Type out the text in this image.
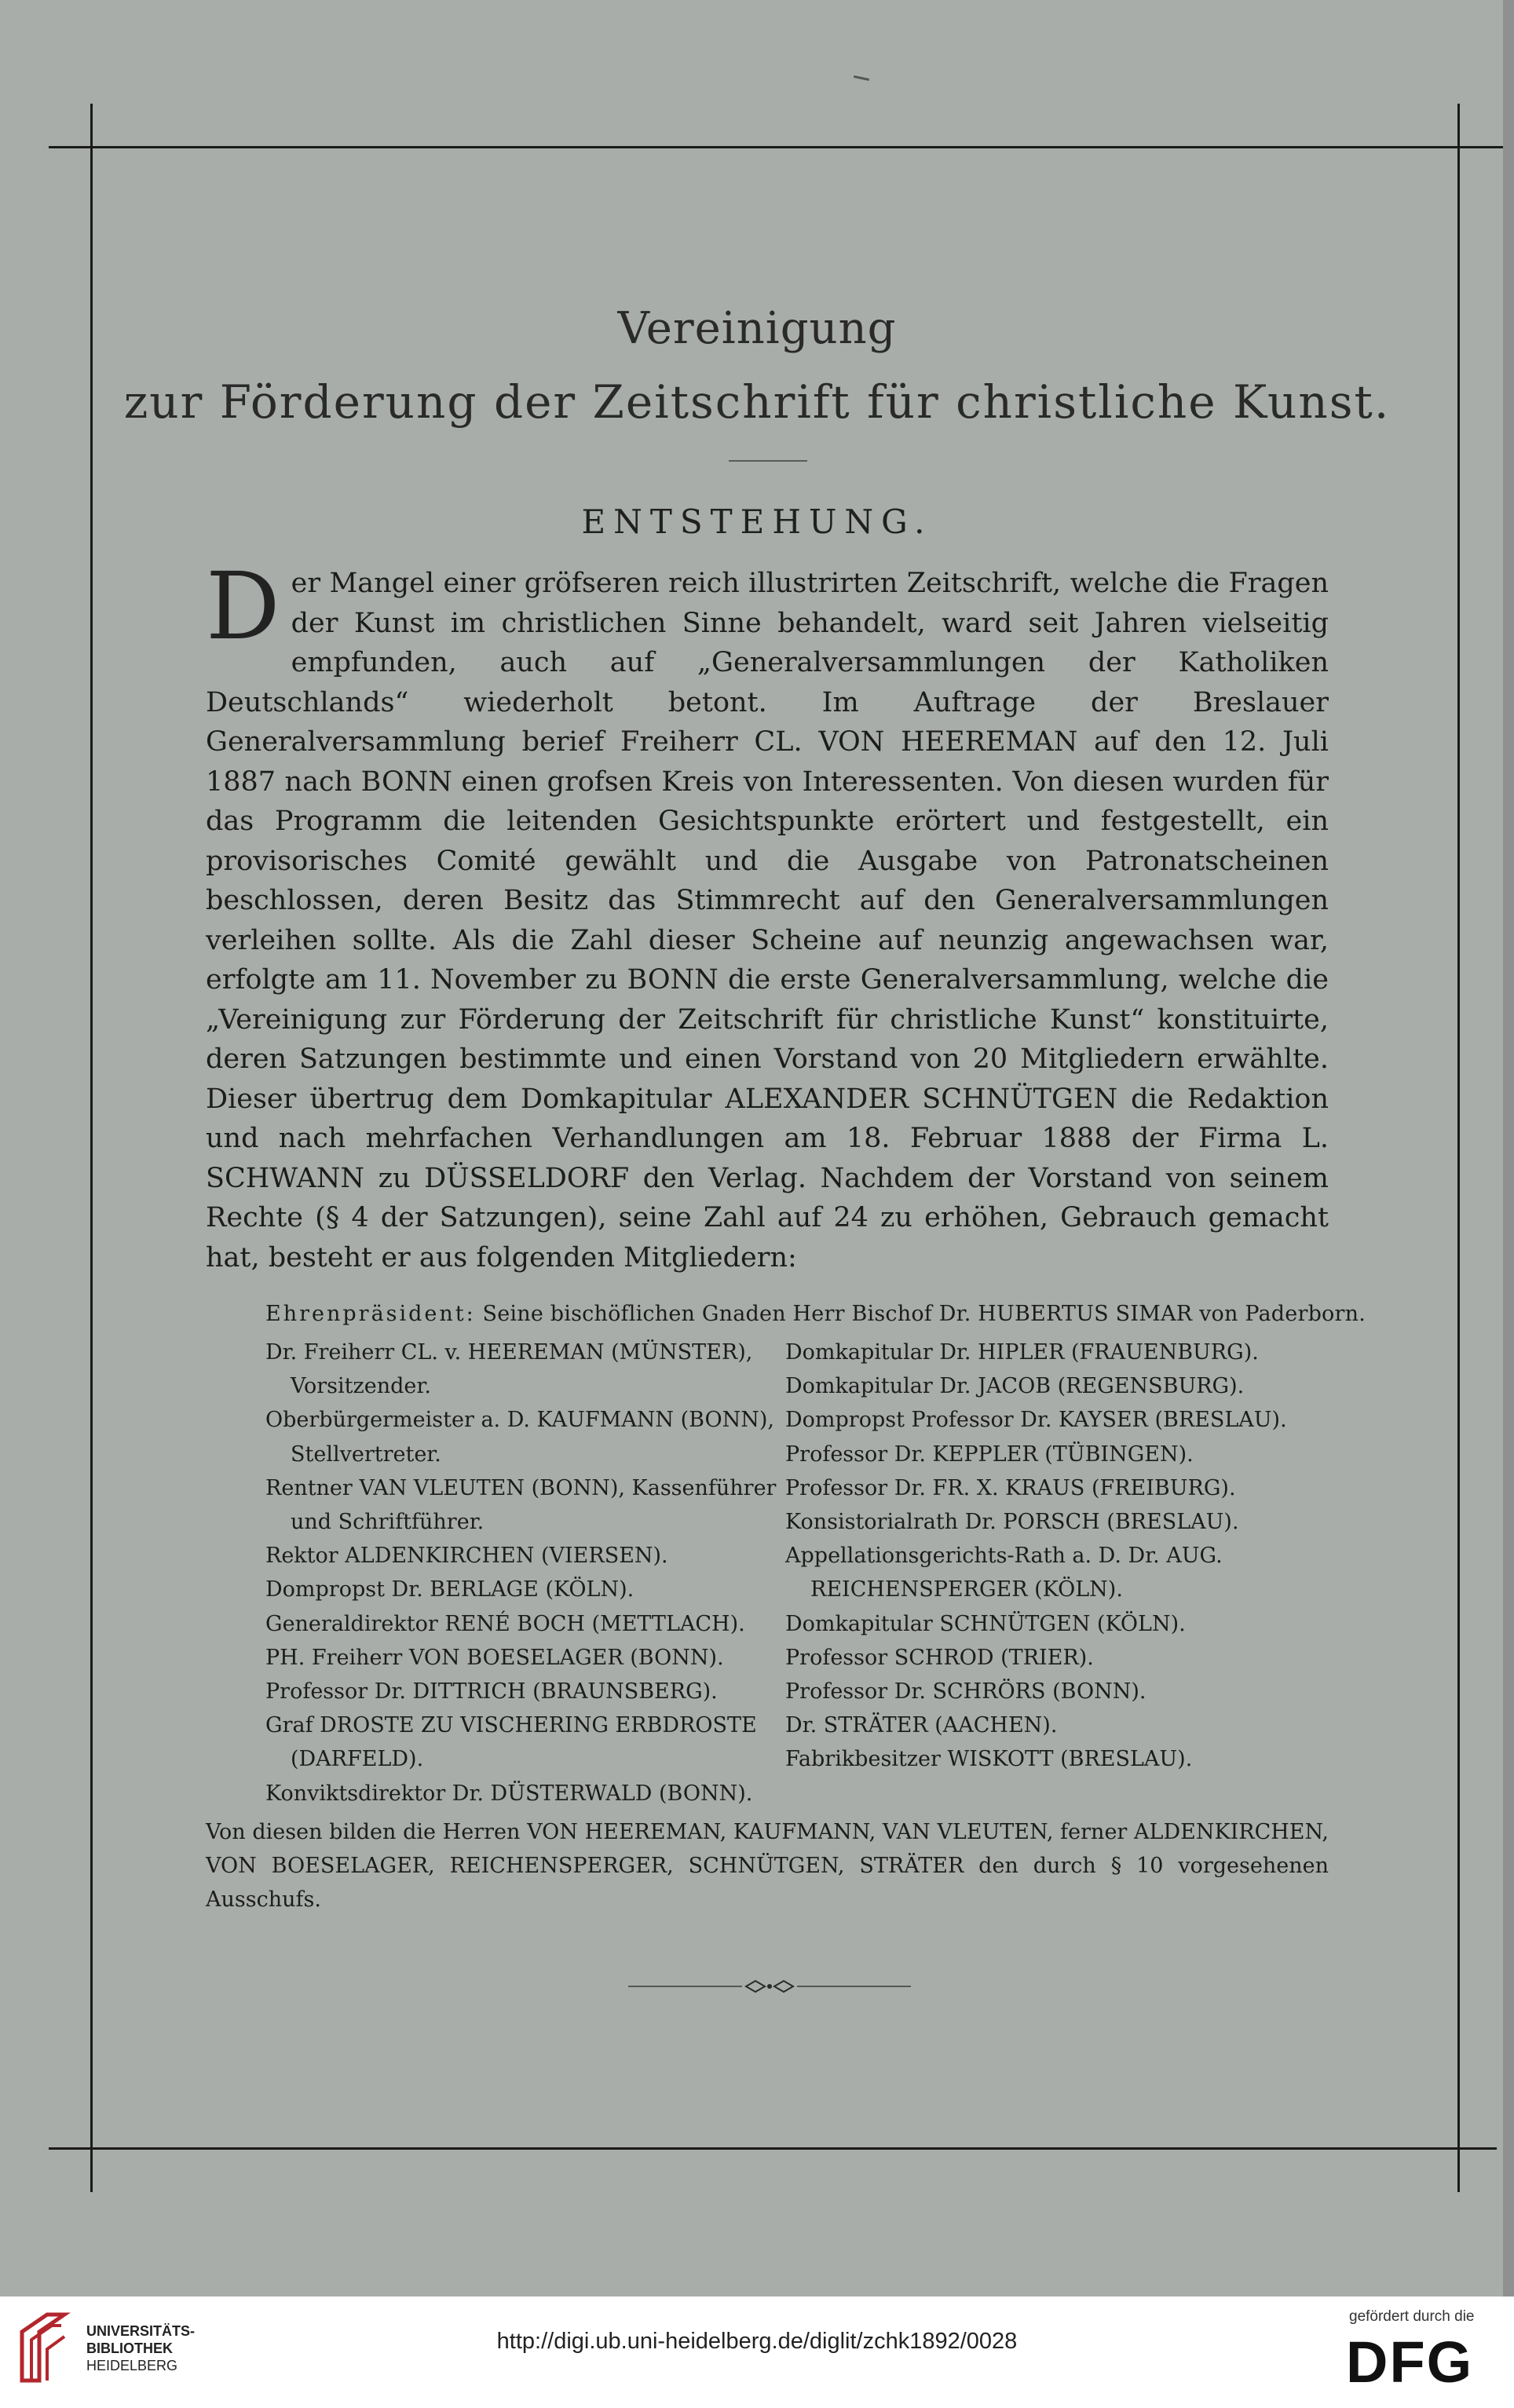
Vereinigung
zur Förderung der Zeitschrift für christliche Kunst.
ENTSTEHUNG.
Der Mangel einer gröfseren reich illustrirten Zeitschrift, welche die Fragen der Kunst im christlichen Sinne behandelt, ward seit Jahren vielseitig empfunden, auch auf „Generalversammlungen der Katholiken Deutschlands“ wiederholt betont. Im Auftrage der Breslauer Generalversammlung berief Freiherr CL. VON HEEREMAN auf den 12. Juli 1887 nach BONN einen grofsen Kreis von Interessenten. Von diesen wurden für das Programm die leitenden Gesichtspunkte erörtert und festgestellt, ein provisorisches Comité gewählt und die Ausgabe von Patronatscheinen beschlossen, deren Besitz das Stimmrecht auf den Generalversammlungen verleihen sollte. Als die Zahl dieser Scheine auf neunzig angewachsen war, erfolgte am 11. November zu BONN die erste Generalversammlung, welche die „Vereinigung zur Förderung der Zeitschrift für christliche Kunst“ konstituirte, deren Satzungen bestimmte und einen Vorstand von 20 Mitgliedern erwählte. Dieser übertrug dem Domkapitular ALEXANDER SCHNÜTGEN die Redaktion und nach mehrfachen Verhandlungen am 18. Februar 1888 der Firma L. SCHWANN zu DÜSSELDORF den Verlag. Nachdem der Vorstand von seinem Rechte (§ 4 der Satzungen), seine Zahl auf 24 zu erhöhen, Gebrauch gemacht hat, besteht er aus folgenden Mitgliedern:
Ehrenpräsident: Seine bischöflichen Gnaden Herr Bischof Dr. HUBERTUS SIMAR von Paderborn.
Dr. Freiherr CL. v. HEEREMAN (MÜNSTER),
Vorsitzender.
Oberbürgermeister a. D. KAUFMANN (BONN),
Stellvertreter.
Rentner VAN VLEUTEN (BONN), Kassenführer
und Schriftführer.
Rektor ALDENKIRCHEN (VIERSEN).
Dompropst Dr. BERLAGE (KÖLN).
Generaldirektor RENÉ BOCH (METTLACH).
PH. Freiherr VON BOESELAGER (BONN).
Professor Dr. DITTRICH (BRAUNSBERG).
Graf DROSTE ZU VISCHERING ERBDROSTE
(DARFELD).
Konviktsdirektor Dr. DÜSTERWALD (BONN).
Domkapitular Dr. HIPLER (FRAUENBURG).
Domkapitular Dr. JACOB (REGENSBURG).
Dompropst Professor Dr. KAYSER (BRESLAU).
Professor Dr. KEPPLER (TÜBINGEN).
Professor Dr. FR. X. KRAUS (FREIBURG).
Konsistorialrath Dr. PORSCH (BRESLAU).
Appellationsgerichts-Rath a. D. Dr. AUG.
REICHENSPERGER (KÖLN).
Domkapitular SCHNÜTGEN (KÖLN).
Professor SCHROD (TRIER).
Professor Dr. SCHRÖRS (BONN).
Dr. STRÄTER (AACHEN).
Fabrikbesitzer WISKOTT (BRESLAU).
Von diesen bilden die Herren VON HEEREMAN, KAUFMANN, VAN VLEUTEN, ferner ALDENKIRCHEN, VON BOESELAGER, REICHENSPERGER, SCHNÜTGEN, STRÄTER den durch § 10 vorgesehenen Ausschufs.
UNIVERSITÄTS-
BIBLIOTHEK
HEIDELBERG
http://digi.ub.uni-heidelberg.de/diglit/zchk1892/0028
gefördert durch die
DFG
